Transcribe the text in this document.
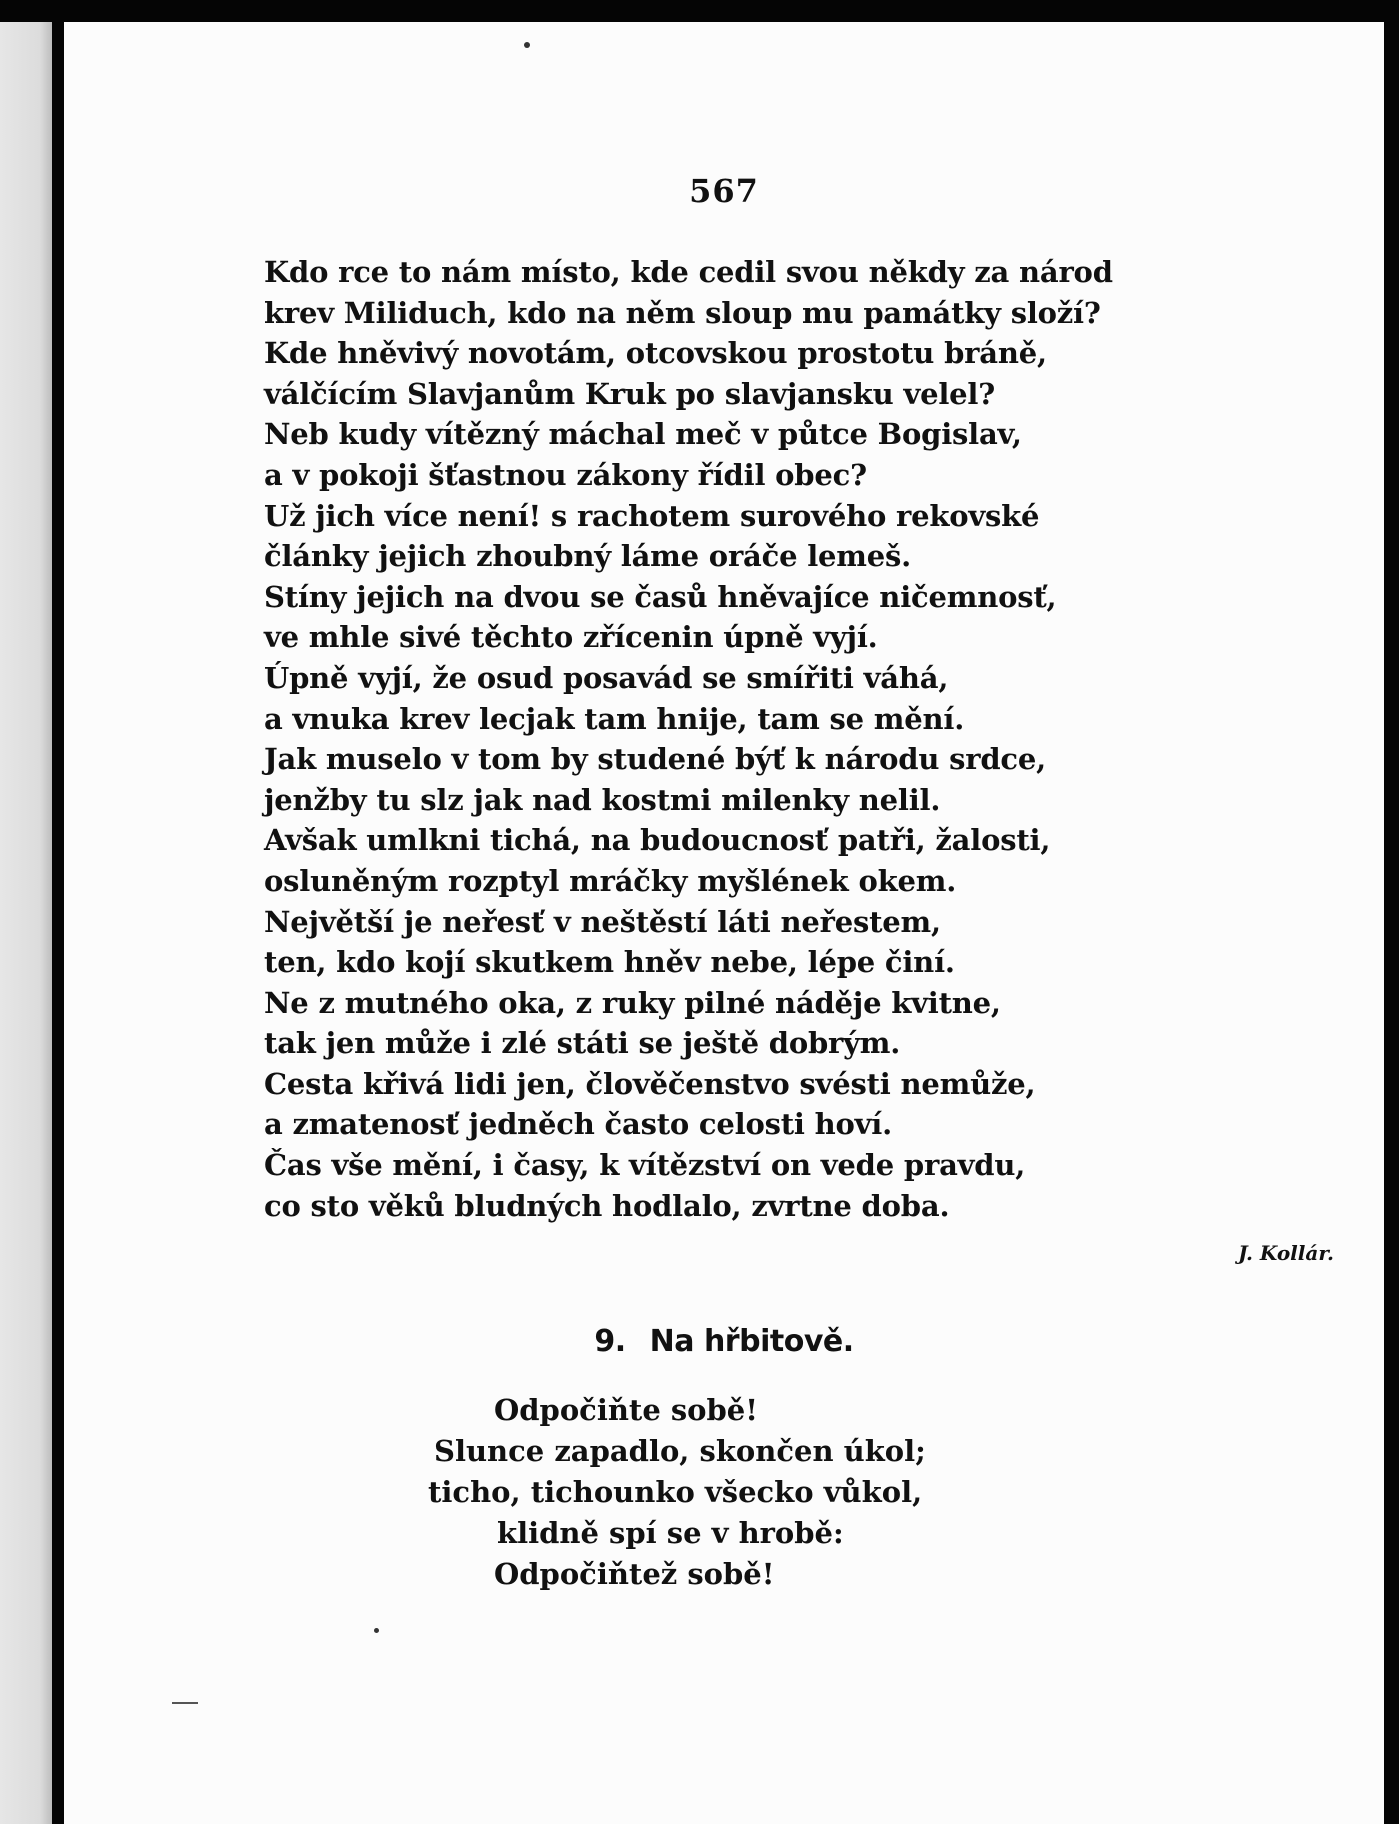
567
Kdo rce to nám místo, kde cedil svou někdy za národ
krev Miliduch, kdo na něm sloup mu památky složí?
Kde hněvivý novotám, otcovskou prostotu bráně,
válčícím Slavjanům Kruk po slavjansku velel?
Neb kudy vítězný máchal meč v půtce Bogislav,
a v pokoji šťastnou zákony řídil obec?
Už jich více není! s rachotem surového rekovské
články jejich zhoubný láme oráče lemeš.
Stíny jejich na dvou se časů hněvajíce ničemnosť,
ve mhle sivé těchto zřícenin úpně vyjí.
Úpně vyjí, že osud posavád se smířiti váhá,
a vnuka krev lecjak tam hnije, tam se mění.
Jak muselo v tom by studené býť k národu srdce,
jenžby tu slz jak nad kostmi milenky nelil.
Avšak umlkni tichá, na budoucnosť patři, žalosti,
osluněným rozptyl mráčky myšlének okem.
Největší je neřesť v neštěstí láti neřestem,
ten, kdo kojí skutkem hněv nebe, lépe činí.
Ne z mutného oka, z ruky pilné náděje kvitne,
tak jen může i zlé státi se ještě dobrým.
Cesta křivá lidi jen, člověčenstvo svésti nemůže,
a zmatenosť jedněch často celosti hoví.
Čas vše mění, i časy, k vítězství on vede pravdu,
co sto věků bludných hodlalo, zvrtne doba.
J. Kollár.
9. Na hřbitově.
Odpočiňte sobě!
Slunce zapadlo, skončen úkol;
ticho, tichounko všecko vůkol,
klidně spí se v hrobě:
Odpočiňtež sobě!
